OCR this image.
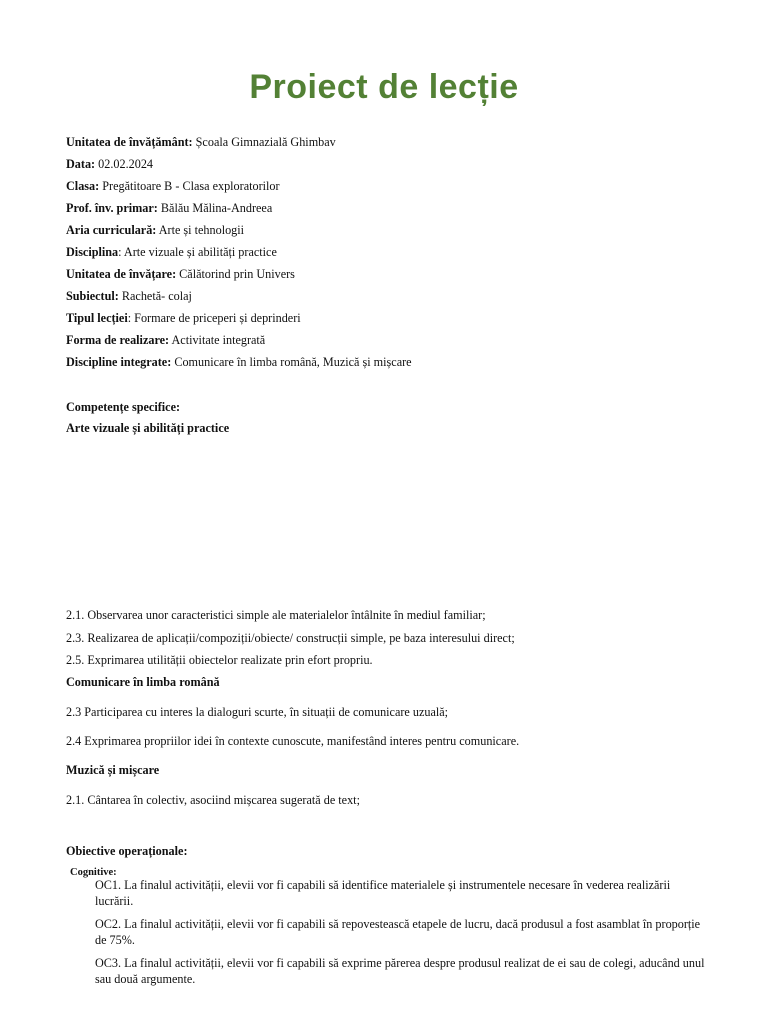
Proiect de lecție
Unitatea de învățământ: Școala Gimnazială Ghimbav
Data: 02.02.2024
Clasa: Pregătitoare B - Clasa exploratorilor
Prof. înv. primar: Bălău Mălina-Andreea
Aria curriculară: Arte și tehnologii
Disciplina: Arte vizuale și abilități practice
Unitatea de învățare: Călătorind prin Univers
Subiectul: Rachetă- colaj
Tipul lecției: Formare de priceperi și deprinderi
Forma de realizare: Activitate integrată
Discipline integrate: Comunicare în limba română, Muzică și mișcare
Competențe specifice:
Arte vizuale și abilități practice
2.1. Observarea unor caracteristici simple ale materialelor întâlnite în mediul familiar;
2.3. Realizarea de aplicații/compoziții/obiecte/ construcții simple, pe baza interesului direct;
2.5. Exprimarea utilității obiectelor realizate prin efort propriu.
Comunicare în limba română
2.3 Participarea cu interes la dialoguri scurte, în situații de comunicare uzuală;
2.4 Exprimarea propriilor idei în contexte cunoscute, manifestând interes pentru comunicare.
Muzică și mișcare
2.1. Cântarea în colectiv, asociind mișcarea sugerată de text;
Obiective operaționale:
Cognitive:
OC1. La finalul activității, elevii vor fi capabili să identifice materialele și instrumentele necesare în vederea realizării lucrării.
OC2. La finalul activității, elevii vor fi capabili să repovestească etapele de lucru, dacă produsul a fost asamblat în proporție de 75%.
OC3. La finalul activității, elevii vor fi capabili să exprime părerea despre produsul realizat de ei sau de colegi, aducând unul sau două argumente.
